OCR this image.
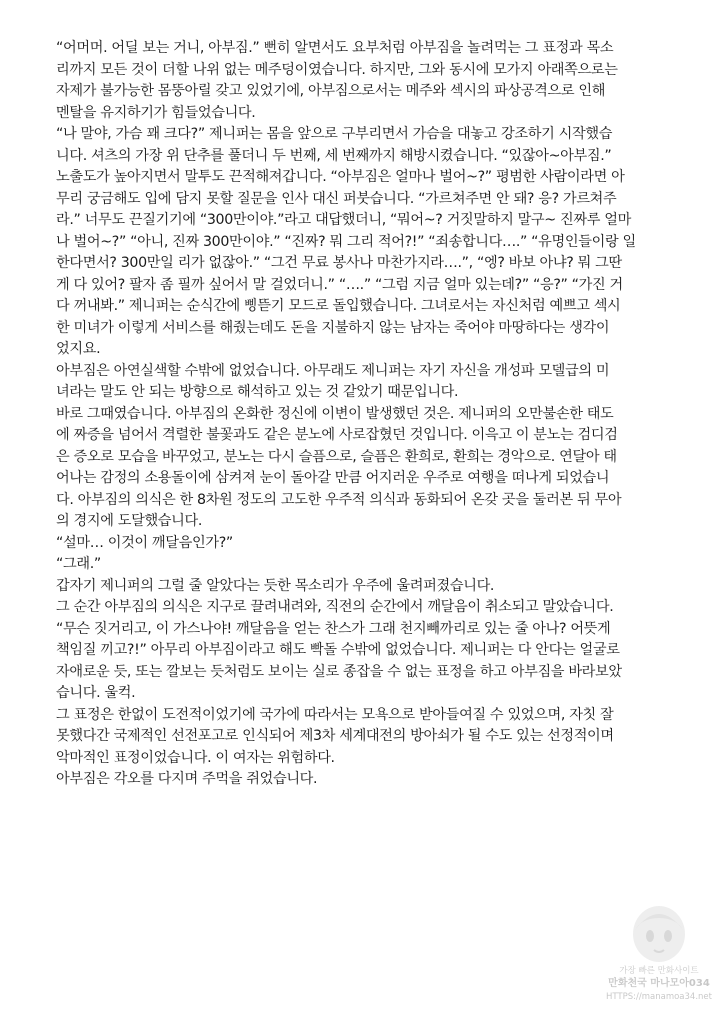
“어머머. 어딜 보는 거니, 아부짐.” 뻔히 알면서도 요부처럼 아부짐을 놀려먹는 그 표정과 목소
리까지 모든 것이 더할 나위 없는 메주덩이였습니다. 하지만, 그와 동시에 모가지 아래쪽으로는
자제가 불가능한 몸뚱아릴 갖고 있었기에, 아부짐으로서는 메주와 섹시의 파상공격으로 인해
멘탈을 유지하기가 힘들었습니다.
“나 말야, 가슴 꽤 크다?” 제니퍼는 몸을 앞으로 구부리면서 가슴을 대놓고 강조하기 시작했습
니다. 셔츠의 가장 위 단추를 풀더니 두 번째, 세 번째까지 해방시켰습니다. “있잖아~아부짐.”
노출도가 높아지면서 말투도 끈적해져갑니다. “아부짐은 얼마나 벌어~?” 평범한 사람이라면 아
무리 궁금해도 입에 담지 못할 질문을 인사 대신 퍼붓습니다. “가르쳐주면 안 돼? 응? 가르쳐주
라.” 너무도 끈질기기에 “300만이야.”라고 대답했더니, “뭐어~? 거짓말하지 말구~ 진짜루 얼마
나 벌어~?” “아니, 진짜 300만이야.” “진짜? 뭐 그리 적어?!” “죄송합니다….” “유명인들이랑 일
한다면서? 300만일 리가 없잖아.” “그건 무료 봉사나 마찬가지라….”, “엥? 바보 아냐? 뭐 그딴
게 다 있어? 팔자 좀 필까 싶어서 말 걸었더니.” “….” “그럼 지금 얼마 있는데?” “응?” “가진 거
다 꺼내봐.” 제니퍼는 순식간에 삥뜯기 모드로 돌입했습니다. 그녀로서는 자신처럼 예쁘고 섹시
한 미녀가 이렇게 서비스를 해줬는데도 돈을 지불하지 않는 남자는 죽어야 마땅하다는 생각이
었지요.
아부짐은 아연실색할 수밖에 없었습니다. 아무래도 제니퍼는 자기 자신을 개성파 모델급의 미
녀라는 말도 안 되는 방향으로 해석하고 있는 것 같았기 때문입니다.
바로 그때였습니다. 아부짐의 온화한 정신에 이변이 발생했던 것은. 제니퍼의 오만불손한 태도
에 짜증을 넘어서 격렬한 불꽃과도 같은 분노에 사로잡혔던 것입니다. 이윽고 이 분노는 검디검
은 증오로 모습을 바꾸었고, 분노는 다시 슬픔으로, 슬픔은 환희로, 환희는 경악으로. 연달아 태
어나는 감정의 소용돌이에 삼켜져 눈이 돌아갈 만큼 어지러운 우주로 여행을 떠나게 되었습니
다. 아부짐의 의식은 한 8차원 정도의 고도한 우주적 의식과 동화되어 온갖 곳을 둘러본 뒤 무아
의 경지에 도달했습니다.
“설마… 이것이 깨달음인가?”
“그래.”
갑자기 제니퍼의 그럴 줄 알았다는 듯한 목소리가 우주에 울려퍼졌습니다.
그 순간 아부짐의 의식은 지구로 끌려내려와, 직전의 순간에서 깨달음이 취소되고 말았습니다.
“무슨 짓거리고, 이 가스나야! 깨달음을 얻는 찬스가 그래 천지빼까리로 있는 줄 아나? 어뜻게
책임질 끼고?!” 아무리 아부짐이라고 해도 빡돌 수밖에 없었습니다. 제니퍼는 다 안다는 얼굴로
자애로운 듯, 또는 깔보는 듯처럼도 보이는 실로 종잡을 수 없는 표정을 하고 아부짐을 바라보았
습니다. 울컥.
그 표정은 한없이 도전적이었기에 국가에 따라서는 모욕으로 받아들여질 수 있었으며, 자칫 잘
못했다간 국제적인 선전포고로 인식되어 제3차 세계대전의 방아쇠가 될 수도 있는 선정적이며
악마적인 표정이었습니다. 이 여자는 위험하다.
아부짐은 각오를 다지며 주먹을 쥐었습니다.
가장 빠른 만화사이트
만화천국 마나모아034
HTTPS://manamoa34.net
